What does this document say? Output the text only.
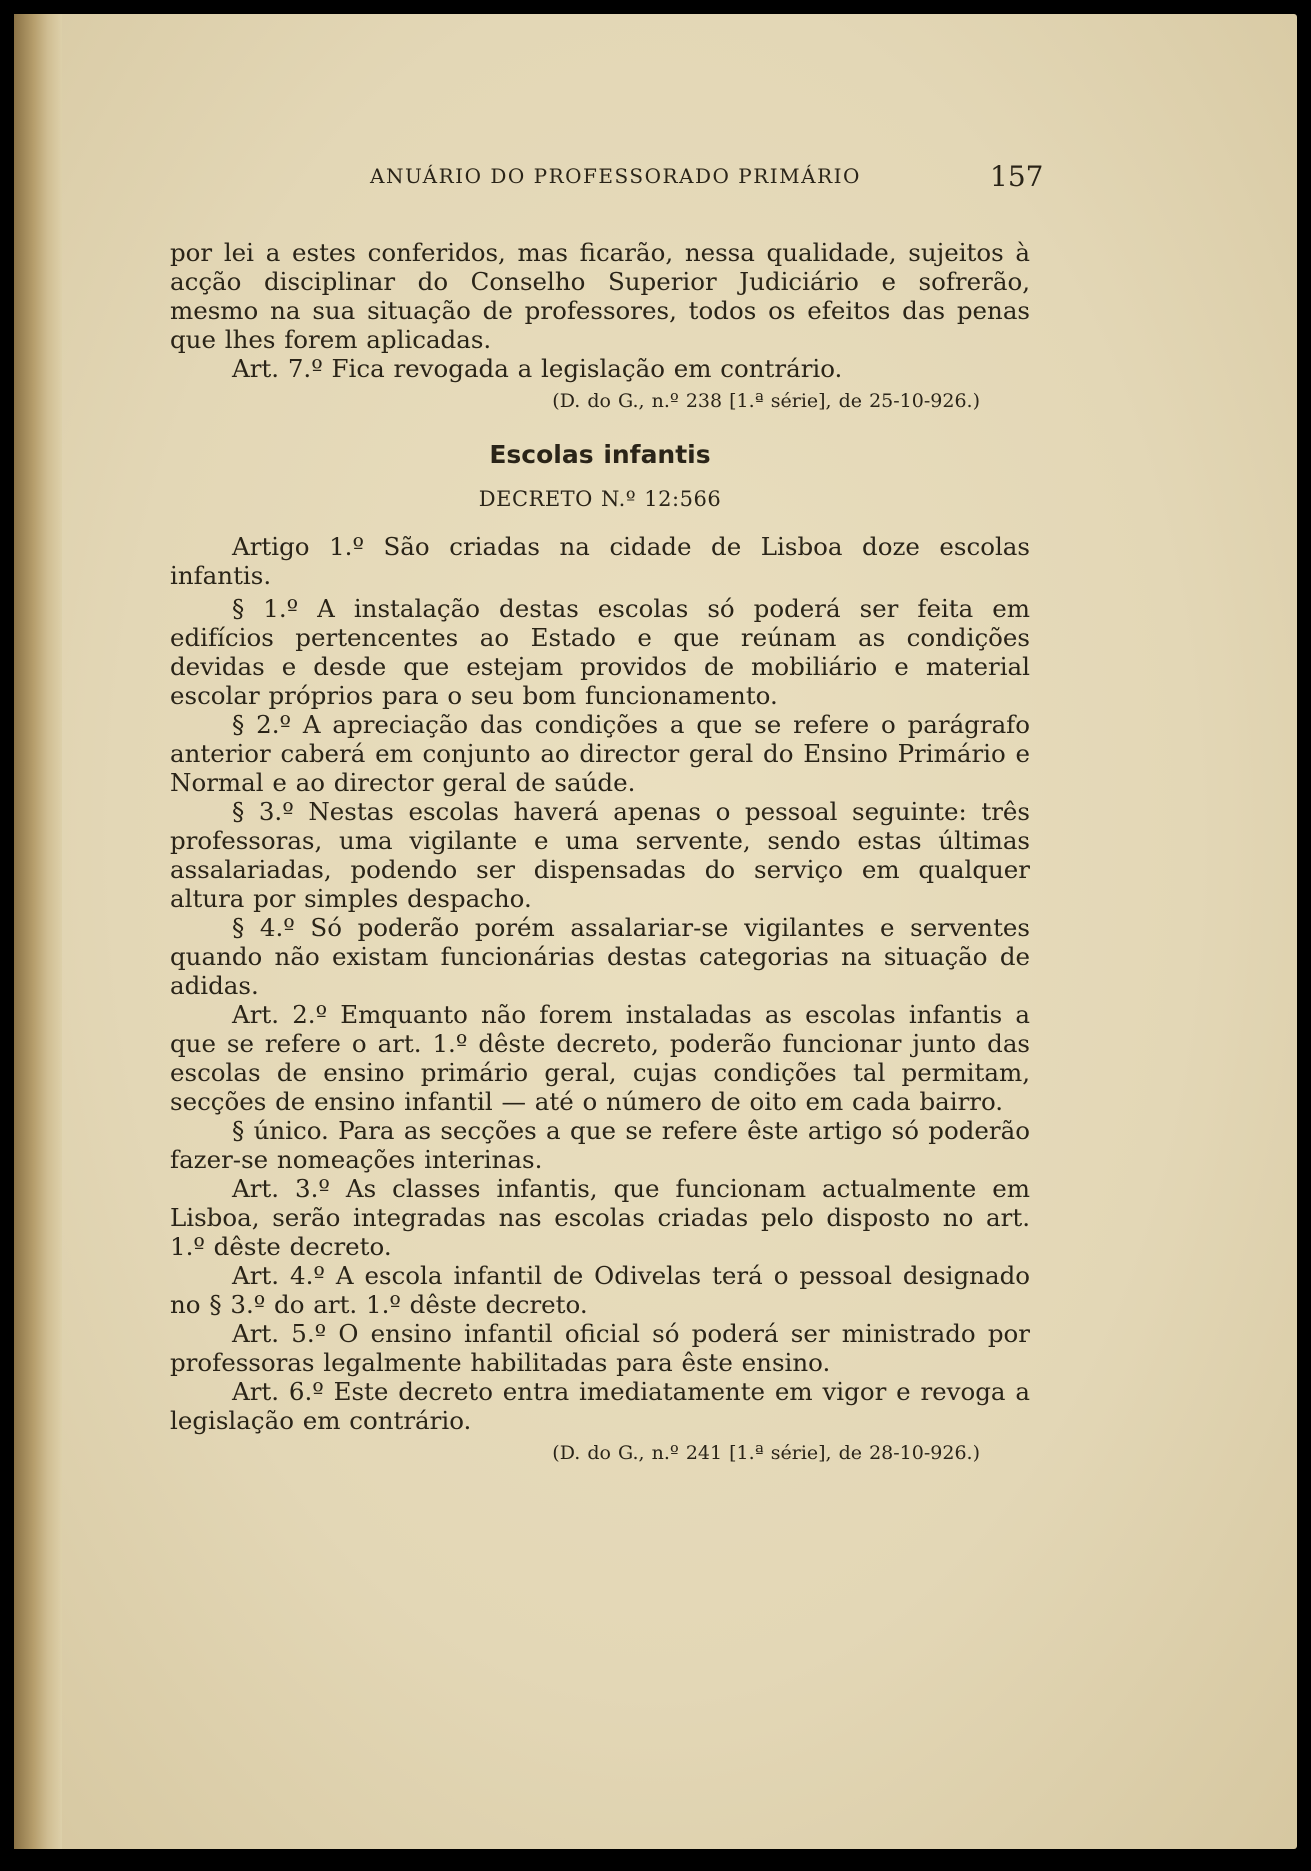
ANUÁRIO DO PROFESSORADO PRIMÁRIO	157

por lei a estes conferidos, mas ficarão, nessa qualidade, sujeitos à acção disciplinar do Conselho Superior Judiciário e sofrerão, mesmo na sua situação de professores, todos os efeitos das penas que lhes forem aplicadas.

Art. 7.º Fica revogada a legislação em contrário.

(D. do G., n.º 238 [1.ª série], de 25-10-926.)

Escolas infantis

DECRETO N.º 12:566

Artigo 1.º São criadas na cidade de Lisboa doze escolas infantis.

§ 1.º A instalação destas escolas só poderá ser feita em edifícios pertencentes ao Estado e que reúnam as condições devidas e desde que estejam providos de mobiliário e material escolar próprios para o seu bom funcionamento.

§ 2.º A apreciação das condições a que se refere o parágrafo anterior caberá em conjunto ao director geral do Ensino Primário e Normal e ao director geral de saúde.

§ 3.º Nestas escolas haverá apenas o pessoal seguinte: três professoras, uma vigilante e uma servente, sendo estas últimas assalariadas, podendo ser dispensadas do serviço em qualquer altura por simples despacho.

§ 4.º Só poderão porém assalariar-se vigilantes e serventes quando não existam funcionárias destas categorias na situação de adidas.

Art. 2.º Emquanto não forem instaladas as escolas infantis a que se refere o art. 1.º dêste decreto, poderão funcionar junto das escolas de ensino primário geral, cujas condições tal permitam, secções de ensino infantil — até o número de oito em cada bairro.

§ único. Para as secções a que se refere êste artigo só poderão fazer-se nomeações interinas.

Art. 3.º As classes infantis, que funcionam actualmente em Lisboa, serão integradas nas escolas criadas pelo disposto no art. 1.º dêste decreto.

Art. 4.º A escola infantil de Odivelas terá o pessoal designado no § 3.º do art. 1.º dêste decreto.

Art. 5.º O ensino infantil oficial só poderá ser ministrado por professoras legalmente habilitadas para êste ensino.

Art. 6.º Este decreto entra imediatamente em vigor e revoga a legislação em contrário.

(D. do G., n.º 241 [1.ª série], de 28-10-926.)
